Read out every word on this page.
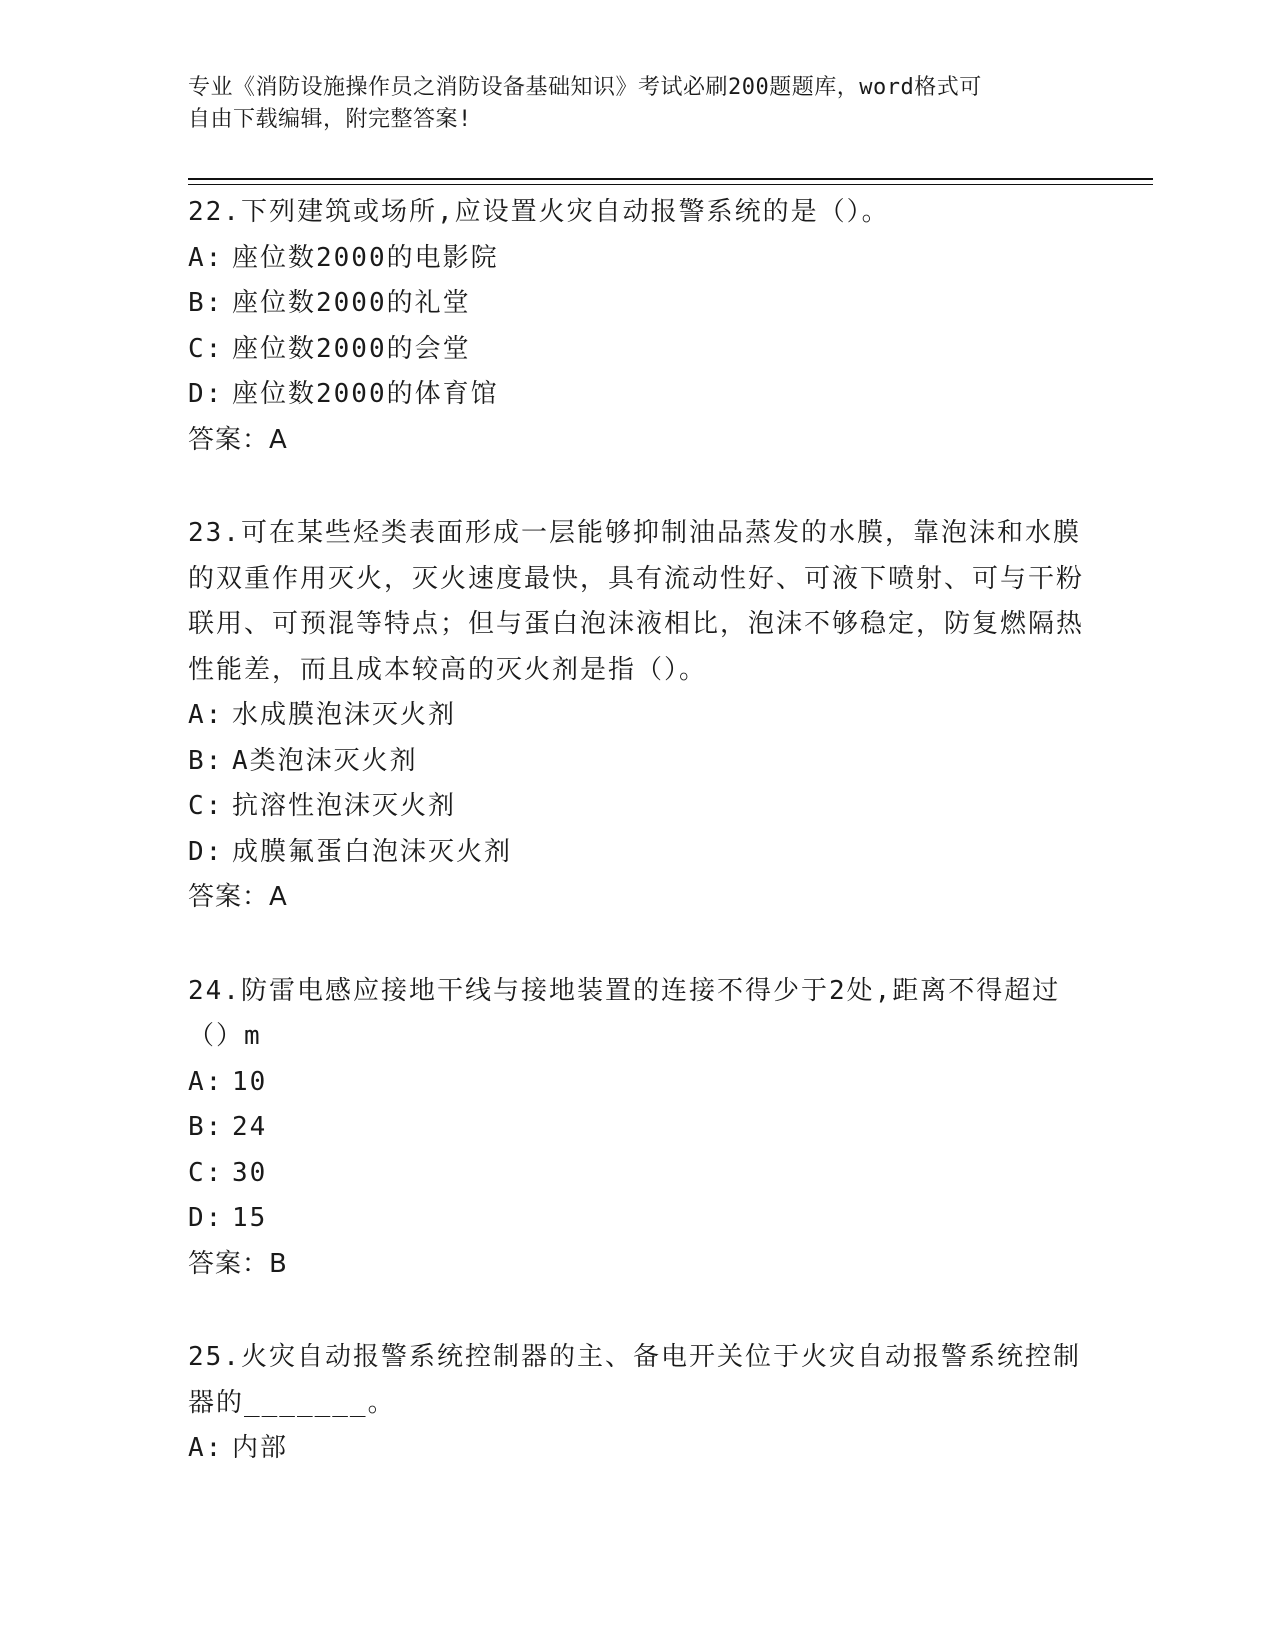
专业《消防设施操作员之消防设备基础知识》考试必刷200题题库，word格式可
自由下载编辑，附完整答案!
22.下列建筑或场所,应设置火灾自动报警系统的是（）。
A: 座位数2000的电影院
B: 座位数2000的礼堂
C: 座位数2000的会堂
D: 座位数2000的体育馆
答案：A
23.可在某些烃类表面形成一层能够抑制油品蒸发的水膜，靠泡沫和水膜的双重作用灭火，灭火速度最快，具有流动性好、可液下喷射、可与干粉联用、可预混等特点；但与蛋白泡沫液相比，泡沫不够稳定，防复燃隔热性能差，而且成本较高的灭火剂是指（）。
A: 水成膜泡沫灭火剂
B: A类泡沫灭火剂
C: 抗溶性泡沫灭火剂
D: 成膜氟蛋白泡沫灭火剂
答案：A
24.防雷电感应接地干线与接地装置的连接不得少于2处,距离不得超过（）m
A: 10
B: 24
C: 30
D: 15
答案：B
25.火灾自动报警系统控制器的主、备电开关位于火灾自动报警系统控制器的_______。
A: 内部
